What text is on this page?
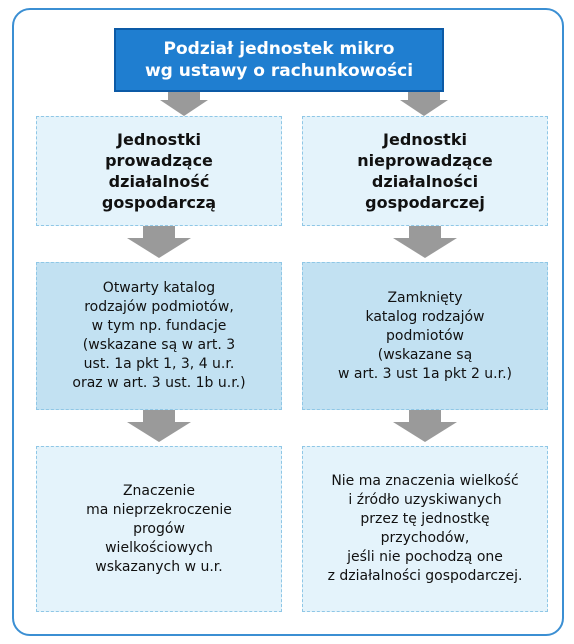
Podział jednostek mikro
wg ustawy o rachunkowości
Jednostki
prowadzące
działalność
gospodarczą
Jednostki
nieprowadzące
działalności
gospodarczej
Otwarty katalog
rodzajów podmiotów,
w tym np. fundacje
(wskazane są w art. 3
ust. 1a pkt 1, 3, 4 u.r.
oraz w art. 3 ust. 1b u.r.)
Zamknięty
katalog rodzajów
podmiotów
(wskazane są
w art. 3 ust 1a pkt 2 u.r.)
Znaczenie
ma nieprzekroczenie
progów
wielkościowych
wskazanych w u.r.
Nie ma znaczenia wielkość
i źródło uzyskiwanych
przez tę jednostkę
przychodów,
jeśli nie pochodzą one
z działalności gospodarczej.
